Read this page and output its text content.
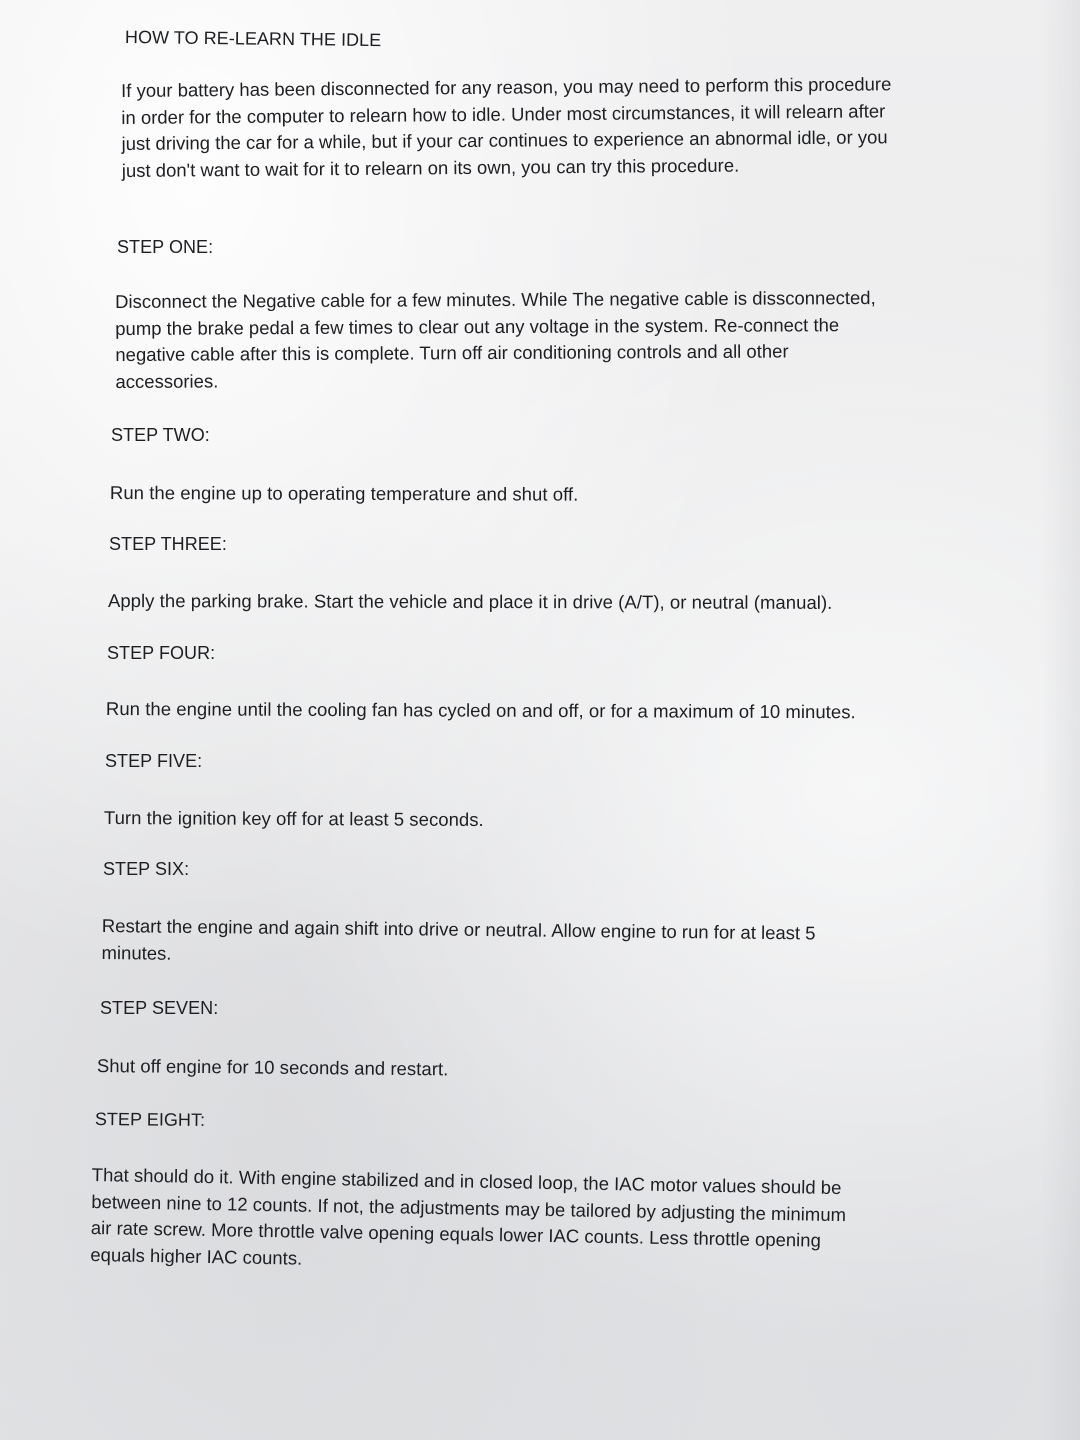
HOW TO RE-LEARN THE IDLE

If your battery has been disconnected for any reason, you may need to perform this procedure
in order for the computer to relearn how to idle. Under most circumstances, it will relearn after
just driving the car for a while, but if your car continues to experience an abnormal idle, or you
just don't want to wait for it to relearn on its own, you can try this procedure.

STEP ONE:

Disconnect the Negative cable for a few minutes. While The negative cable is dissconnected,
pump the brake pedal a few times to clear out any voltage in the system. Re-connect the
negative cable after this is complete. Turn off air conditioning controls and all other
accessories.

STEP TWO:

Run the engine up to operating temperature and shut off.

STEP THREE:

Apply the parking brake. Start the vehicle and place it in drive (A/T), or neutral (manual).

STEP FOUR:

Run the engine until the cooling fan has cycled on and off, or for a maximum of 10 minutes.

STEP FIVE:

Turn the ignition key off for at least 5 seconds.

STEP SIX:

Restart the engine and again shift into drive or neutral. Allow engine to run for at least 5
minutes.

STEP SEVEN:

Shut off engine for 10 seconds and restart.

STEP EIGHT:

That should do it. With engine stabilized and in closed loop, the IAC motor values should be
between nine to 12 counts. If not, the adjustments may be tailored by adjusting the minimum
air rate screw. More throttle valve opening equals lower IAC counts. Less throttle opening
equals higher IAC counts.
